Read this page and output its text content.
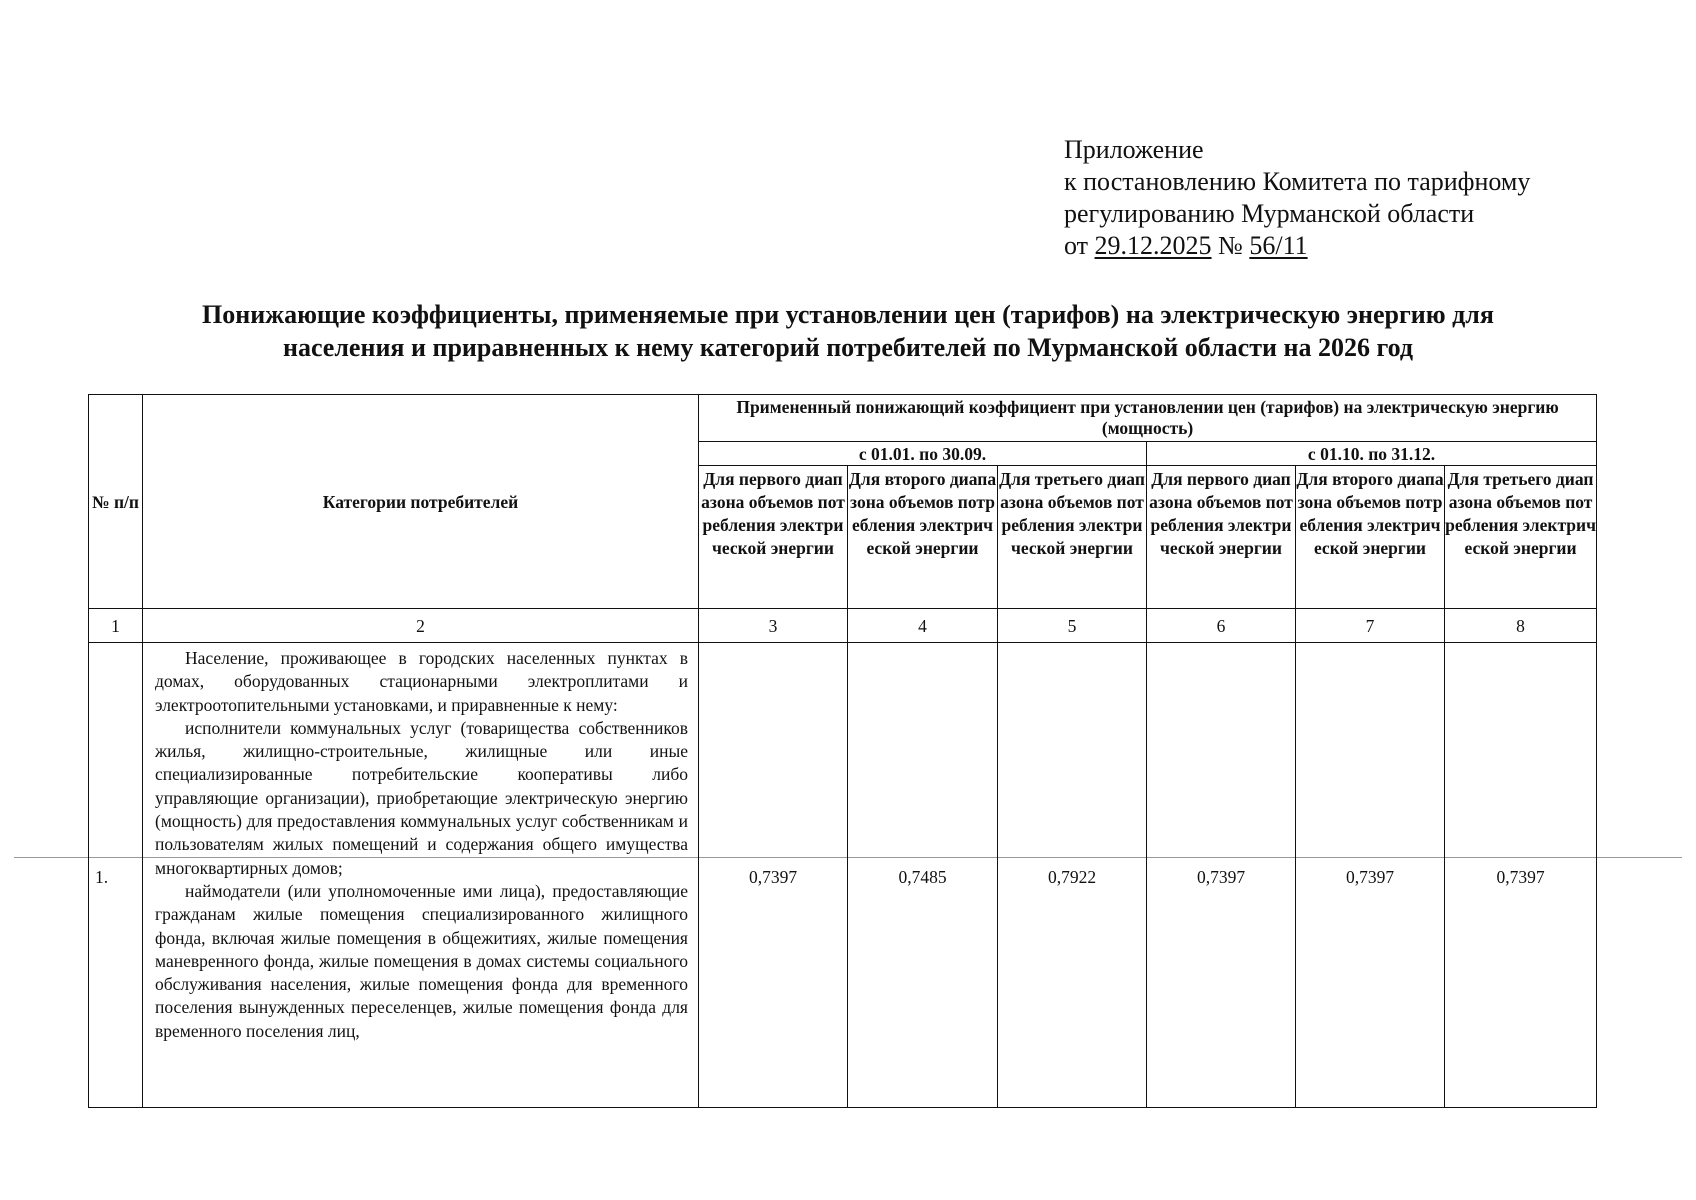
Приложение
к постановлению Комитета по тарифному
регулированию Мурманской области
от 29.12.2025 № 56/11
Понижающие коэффициенты, применяемые при установлении цен (тарифов) на электрическую энергию для
населения и приравненных к нему категорий потребителей по Мурманской области на 2026 год
№ п/п	Категории потребителей	Примененный понижающий коэффициент при установлении цен (тарифов) на электрическую энергию (мощность)					
		с 01.01. по 30.09.			с 01.10. по 31.12.		
		Для первого диапазона объемов потребления электрической энергии	Для второго диапазона объемов потребления электрической энергии	Для третьего диапазона объемов потребления электрической энергии	Для первого диапазона объемов потребления электрической энергии	Для второго диапазона объемов потребления электрической энергии	Для третьего диапазона объемов потребления электрической энергии
1	2	3	4	5	6	7	8
1.	Население, проживающее в городских населенных пунктах в домах, оборудованных стационарными электроплитами и электроотопительными установками, и приравненные к нему:

исполнители коммунальных услуг (товарищества собственников жилья, жилищно-строительные, жилищные или иные специализированные потребительские кооперативы либо управляющие организации), приобретающие электрическую энергию (мощность) для предоставления коммунальных услуг собственникам и пользователям жилых помещений и содержания общего имущества многоквартирных домов;

наймодатели (или уполномоченные ими лица), предоставляющие гражданам жилые помещения специализированного жилищного фонда, включая жилые помещения в общежитиях, жилые помещения маневренного фонда, жилые помещения в домах системы социального обслуживания населения, жилые помещения фонда для временного поселения вынужденных переселенцев, жилые помещения фонда для временного поселения лиц,	0,7397	0,7485	0,7922	0,7397	0,7397	0,7397
